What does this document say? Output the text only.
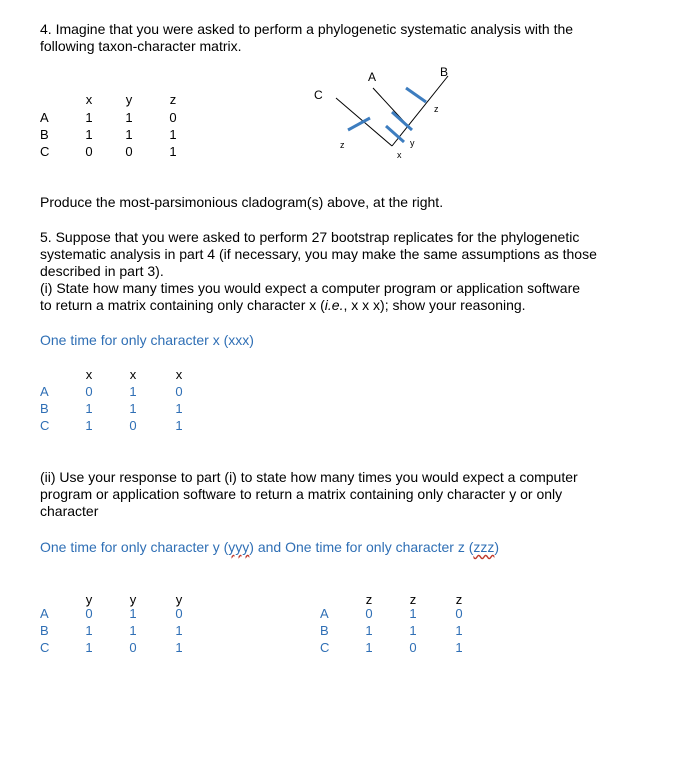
4. Imagine that you were asked to perform a phylogenetic systematic analysis with the
following taxon-character matrix.
x	y	z
A	1	1	0
B	1	1	1
C	0	0	1
A	B
C
z
x
y
z
Produce the most-parsimonious cladogram(s) above, at the right.
5. Suppose that you were asked to perform 27 bootstrap replicates for the phylogenetic
systematic analysis in part 4 (if necessary, you may make the same assumptions as those
described in part 3).
(i) State how many times you would expect a computer program or application software
to return a matrix containing only character x (i.e., x x x); show your reasoning.
One time for only character x (xxx)
x	x	x
A	0	1	0
B	1	1	1
C	1	0	1
(ii) Use your response to part (i) to state how many times you would expect a computer
program or application software to return a matrix containing only character y or only
character
One time for only character y (yyy) and One time for only character z (zzz)
y	y	y
A	0	1	0
B	1	1	1
C	1	0	1
z	z	z
A	0	1	0
B	1	1	1
C	1	0	1
